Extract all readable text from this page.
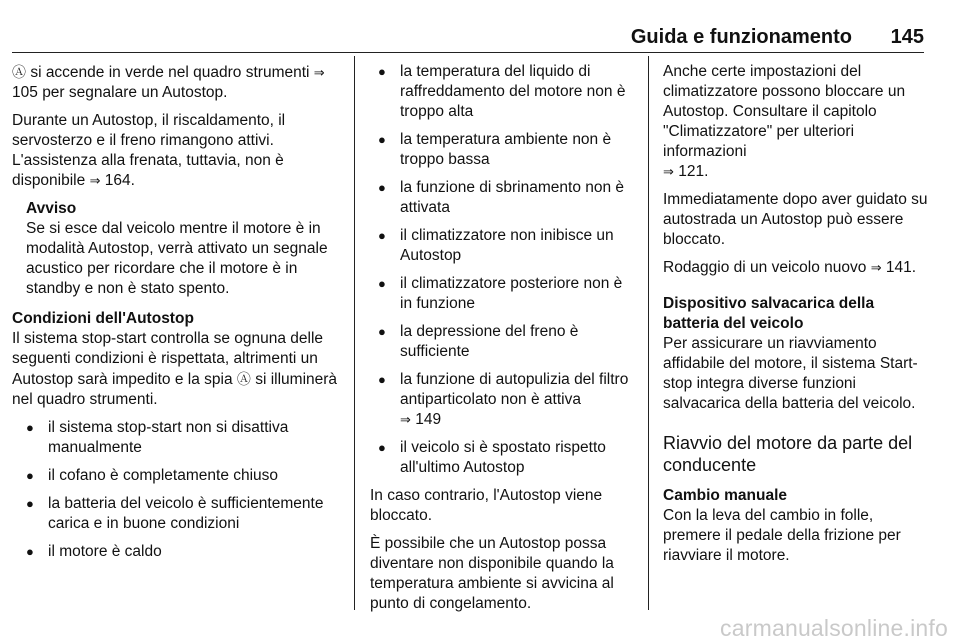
Guida e funzionamento 145

Ⓐ si accende in verde nel quadro strumenti ⇒ 105 per segnalare un Autostop.

Durante un Autostop, il riscaldamento, il servosterzo e il freno rimangono attivi. L'assistenza alla frenata, tuttavia, non è disponibile ⇒ 164.

Avviso
Se si esce dal veicolo mentre il motore è in modalità Autostop, verrà attivato un segnale acustico per ricordare che il motore è in standby e non è stato spento.
Condizioni dell'Autostop

Il sistema stop-start controlla se ognuna delle seguenti condizioni è rispettata, altrimenti un Autostop sarà impedito e la spia Ⓐ si illuminerà nel quadro strumenti.

● il sistema stop-start non si disattiva manualmente
● il cofano è completamente chiuso
● la batteria del veicolo è sufficientemente carica e in buone condizioni
● il motore è caldo
● la temperatura del liquido di raffreddamento del motore non è troppo alta
● la temperatura ambiente non è troppo bassa
● la funzione di sbrinamento non è attivata
● il climatizzatore non inibisce un Autostop
● il climatizzatore posteriore non è in funzione
● la depressione del freno è sufficiente
● la funzione di autopulizia del filtro antiparticolato non è attiva
⇒ 149
● il veicolo si è spostato rispetto all'ultimo Autostop

In caso contrario, l'Autostop viene bloccato.

È possibile che un Autostop possa diventare non disponibile quando la temperatura ambiente si avvicina al punto di congelamento.

Anche certe impostazioni del climatizzatore possono bloccare un Autostop. Consultare il capitolo "Climatizzatore" per ulteriori informazioni
⇒ 121.

Immediatamente dopo aver guidato su autostrada un Autostop può essere bloccato.

Rodaggio di un veicolo nuovo ⇒ 141.

Dispositivo salvacarica della batteria del veicolo

Per assicurare un riavviamento affidabile del motore, il sistema Start-stop integra diverse funzioni salvacarica della batteria del veicolo.

Riavvio del motore da parte del conducente
Cambio manuale

Con la leva del cambio in folle, premere il pedale della frizione per riavviare il motore.

carmanualsonline.info
